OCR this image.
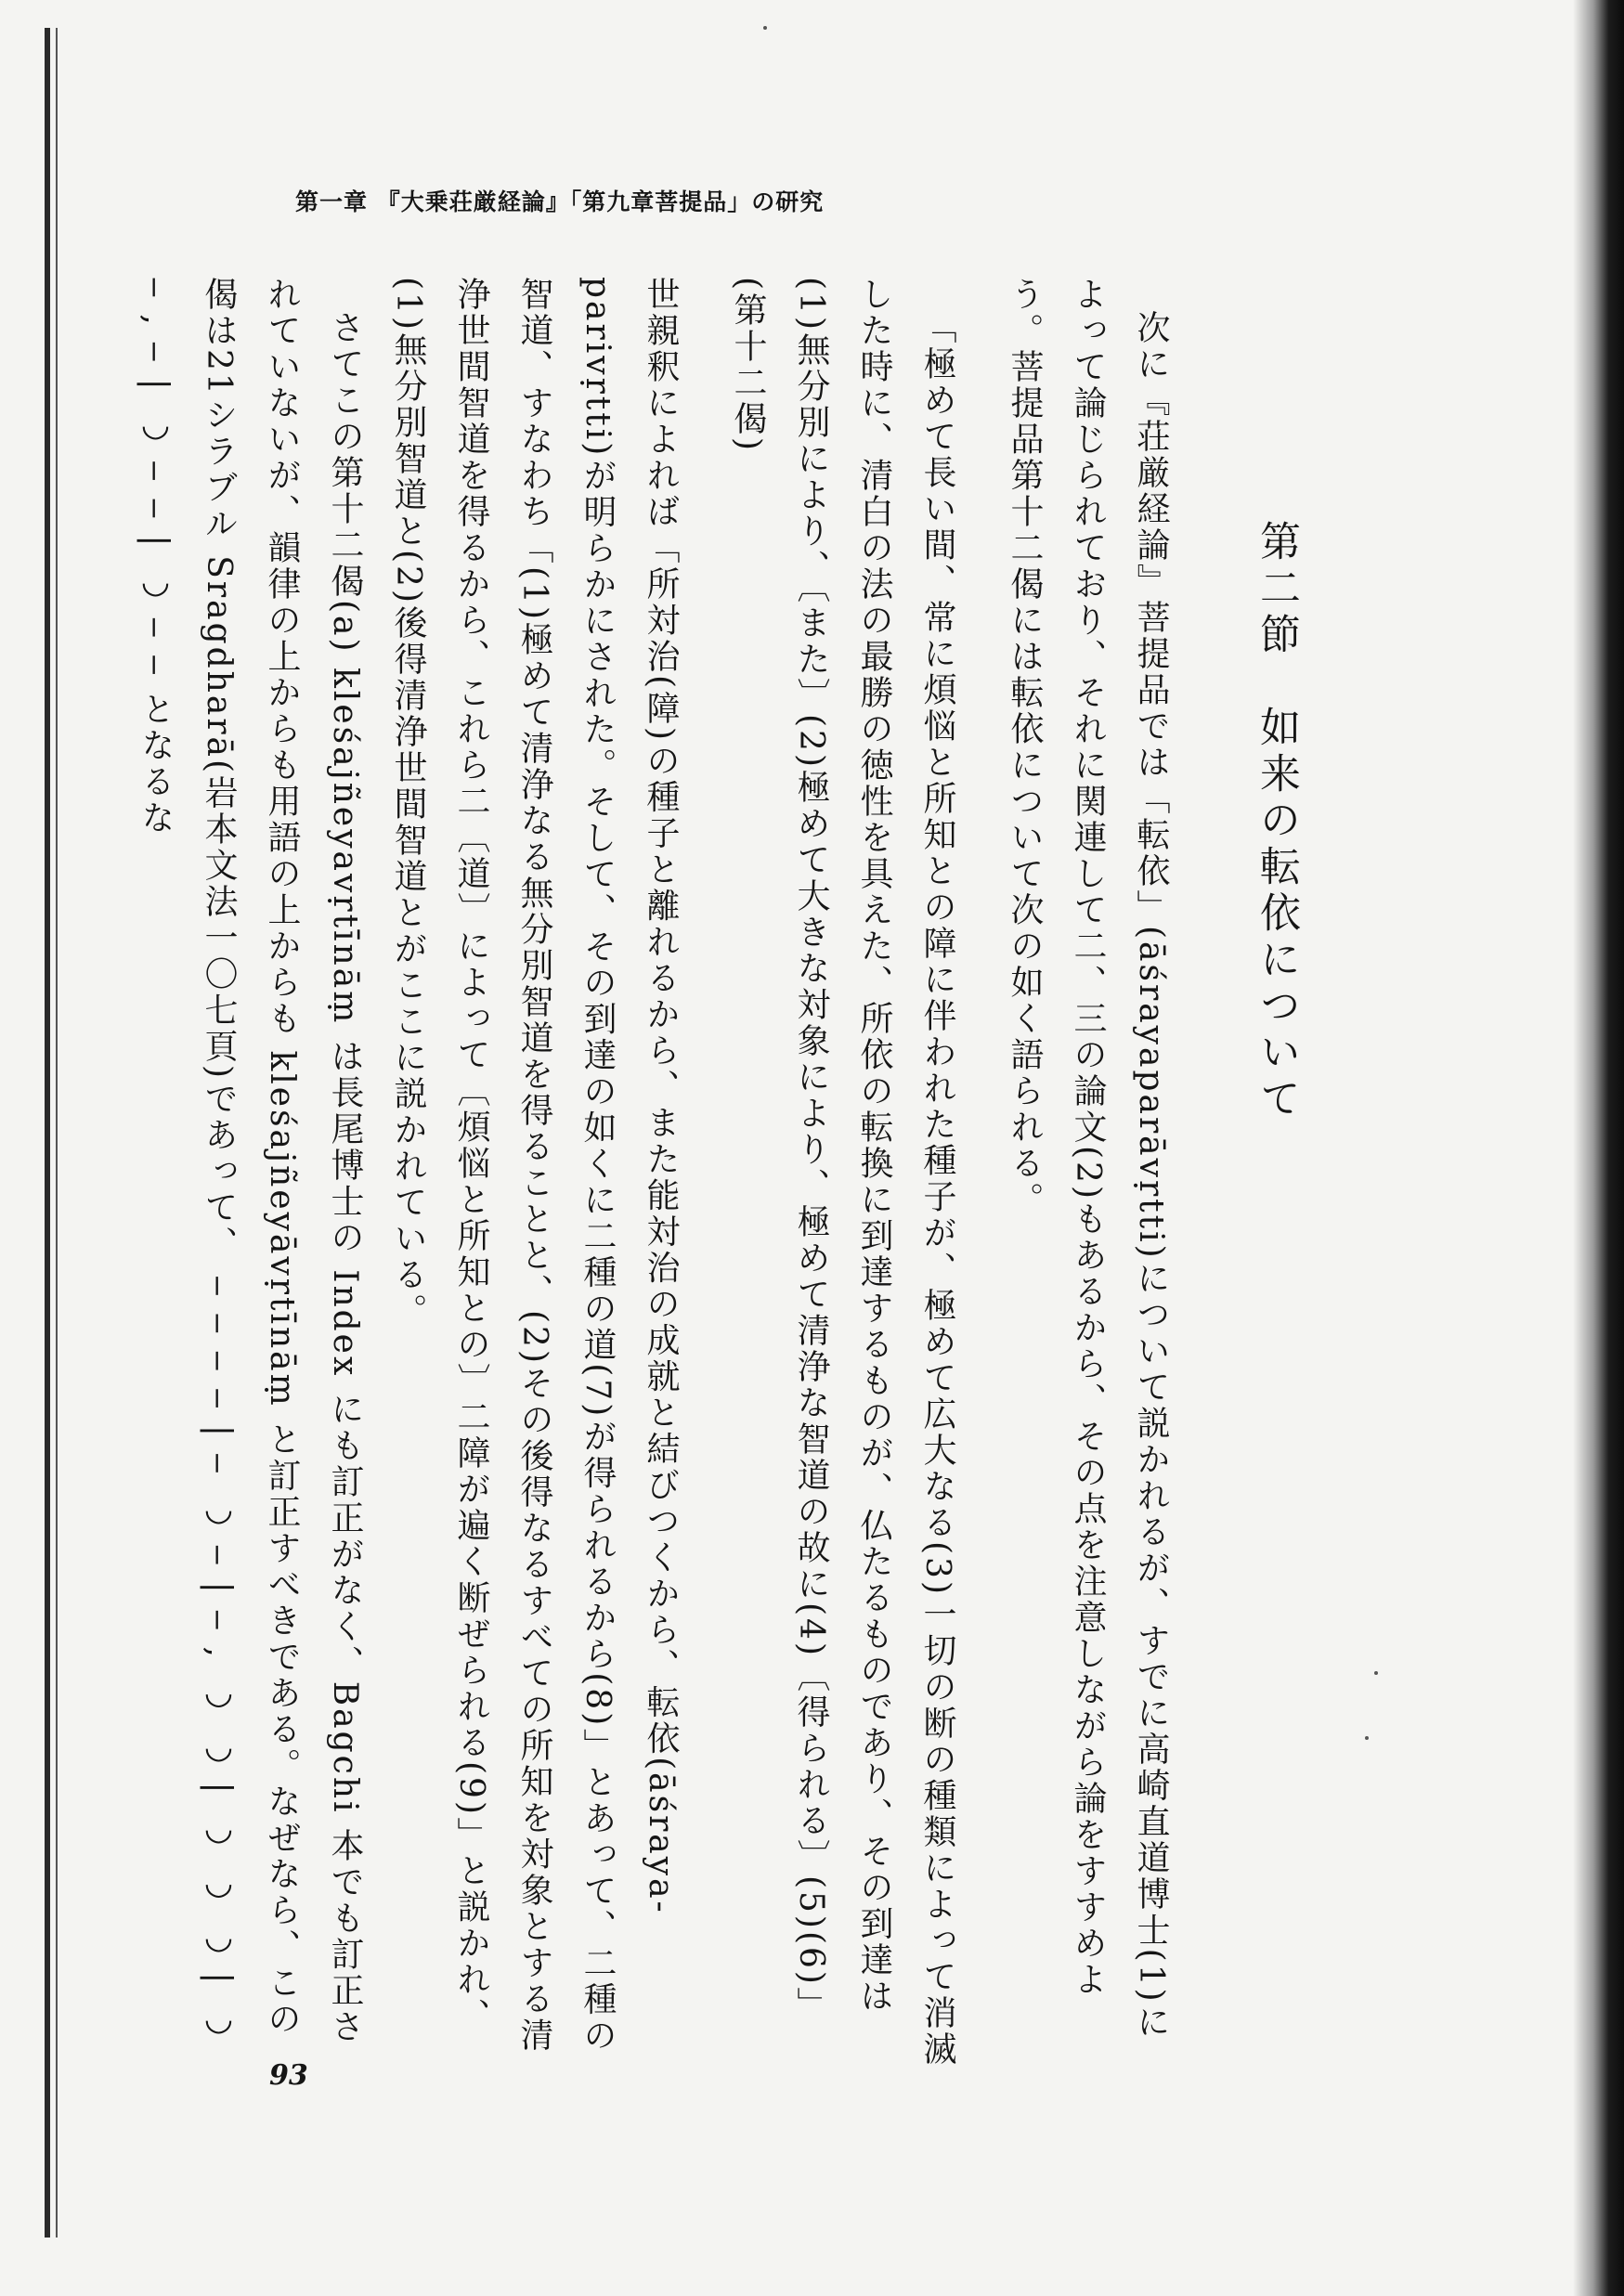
第一章 『大乗荘厳経論』「第九章菩提品」の研究
第二節　如来の転依について

次に『荘厳経論』菩提品では「転依」(āśrayaparāvṛtti)について説かれるが、すでに高崎直道博士(1)によって論じられており、それに関連して二、三の論文(2)もあるから、その点を注意しながら論をすすめよう。菩提品第十二偈には転依について次の如く語られる。

「極めて長い間、常に煩悩と所知との障に伴われた種子が、極めて広大なる(3)一切の断の種類によって消滅した時に、清白の法の最勝の徳性を具えた、所依の転換に到達するものが、仏たるものであり、その到達は(1)無分別により、〔また〕(2)極めて大きな対象により、極めて清浄な智道の故に(4)〔得られる〕(5)(6)」(第十二偈)

世親釈によれば「所対治(障)の種子と離れるから、また能対治の成就と結びつくから、転依(āśraya-parivṛtti)が明らかにされた。そして、その到達の如くに二種の道(7)が得られるから(8)」とあって、二種の智道、すなわち「(1)極めて清浄なる無分別智道を得ることと、(2)その後得なるすべての所知を対象とする清浄世間智道を得るから、これら二〔道〕によって〔煩悩と所知との〕二障が遍く断ぜられる(9)」と説かれ、(1)無分別智道と(2)後得清浄世間智道とがここに説かれている。

さてこの第十二偈(a) kleśajñeyavṛtīnāṃ は長尾博士の Index にも訂正がなく、Bagchi 本でも訂正されていないが、韻律の上からも用語の上からも kleśajñeyāvṛtīnāṃ と訂正すべきである。なぜなら、この偈は21シラブル Sragdharā(岩本文法一〇七頁)であって、 ‒ ‒ ‒ ‒ | ‒ ◡ ‒ | ‒ , ◡ ◡ | ◡ ◡ ◡ | ◡ ‒ , ‒ | ◡ ‒ ‒ | ◡ ‒ ‒ となるな

93
